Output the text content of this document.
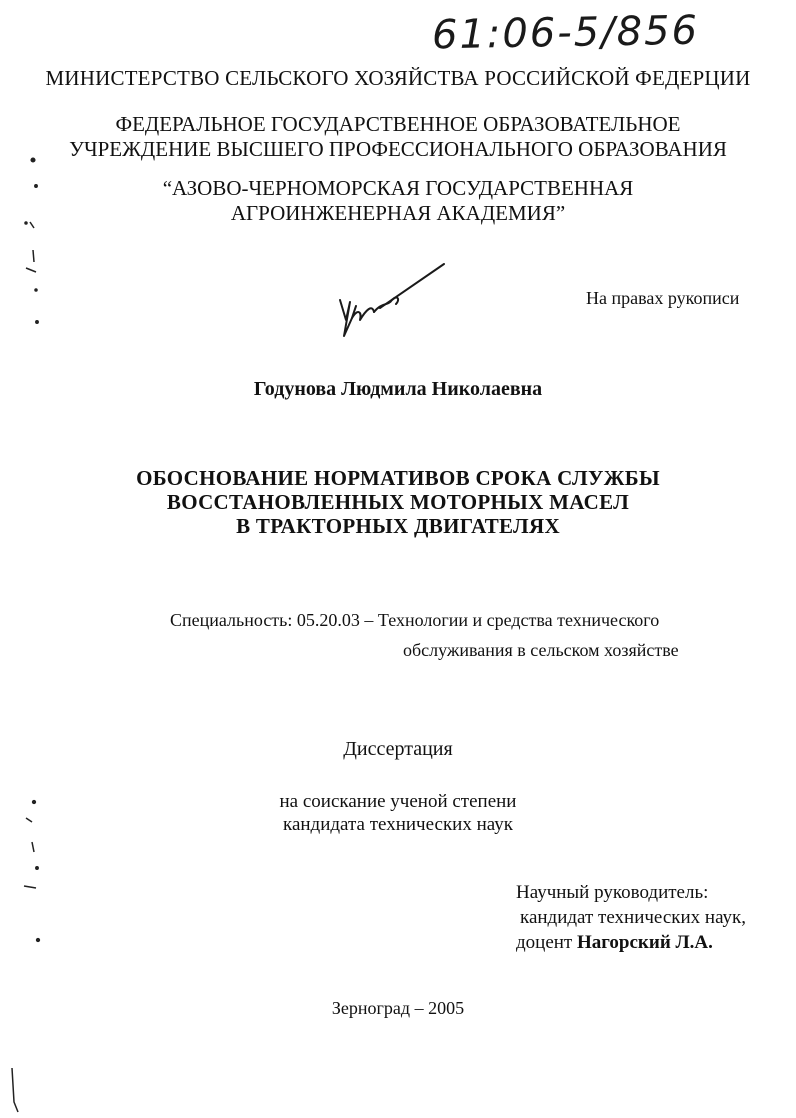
61:06-5/856
МИНИСТЕРСТВО СЕЛЬСКОГО ХОЗЯЙСТВА РОССИЙСКОЙ ФЕДЕРЦИИ
ФЕДЕРАЛЬНОЕ ГОСУДАРСТВЕННОЕ ОБРАЗОВАТЕЛЬНОЕ
УЧРЕЖДЕНИЕ ВЫСШЕГО ПРОФЕССИОНАЛЬНОГО ОБРАЗОВАНИЯ
“АЗОВО-ЧЕРНОМОРСКАЯ ГОСУДАРСТВЕННАЯ
АГРОИНЖЕНЕРНАЯ АКАДЕМИЯ”
На правах рукописи
Годунова Людмила Николаевна
ОБОСНОВАНИЕ НОРМАТИВОВ СРОКА СЛУЖБЫ
ВОССТАНОВЛЕННЫХ МОТОРНЫХ МАСЕЛ
В ТРАКТОРНЫХ ДВИГАТЕЛЯХ
Специальность: 05.20.03 – Технологии и средства технического
обслуживания в сельском хозяйстве
Диссертация
на соискание ученой степени
кандидата технических наук
Научный руководитель:
кандидат технических наук,
доцент Нагорский Л.А.
Зерноград – 2005
